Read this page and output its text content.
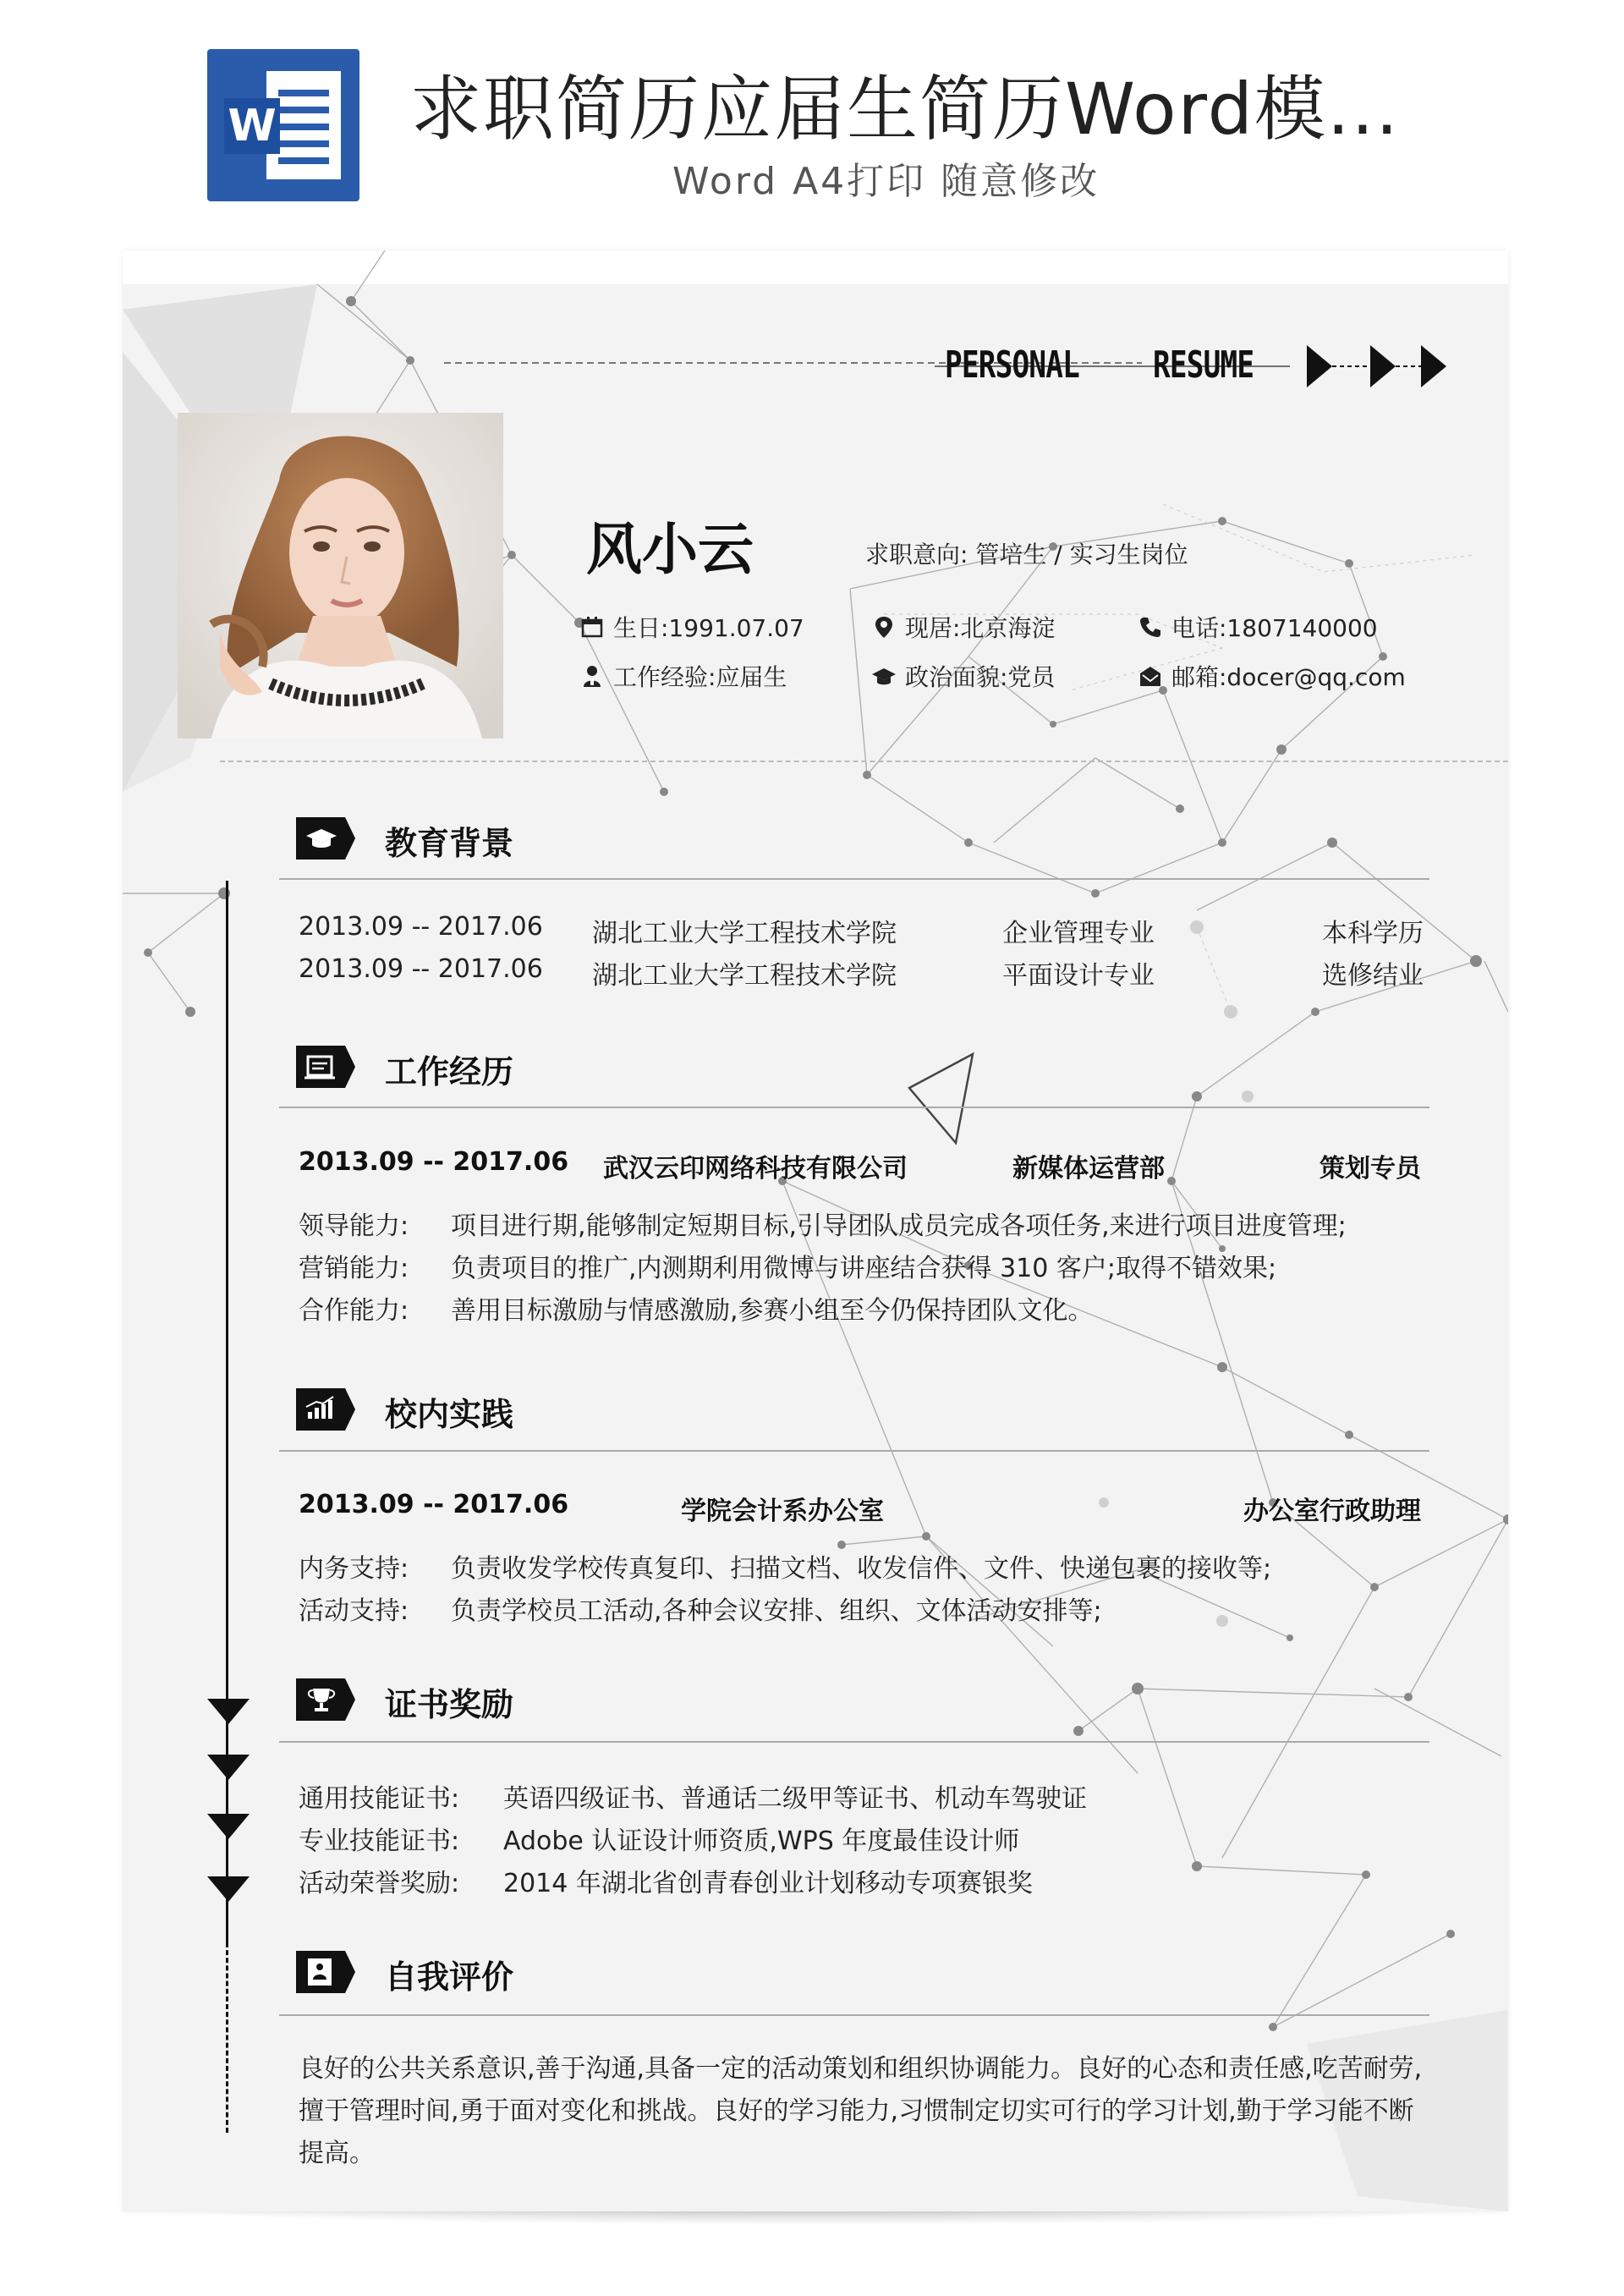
W 求职简历应届生简历Word模...
Word A4打印 随意修改
PERSONAL RESUME
风小云	求职意向: 管培生 / 实习生岗位
生日:1991.07.07
工作经验:应届生
现居:北京海淀
政治面貌:党员
电话:1807140000
邮箱:docer@qq.com
教育背景
2013.09 -- 2017.06 湖北工业大学工程技术学院	企业管理专业	本科学历
2013.09 -- 2017.06 湖北工业大学工程技术学院	平面设计专业	选修结业
工作经历
2013.09 -- 2017.06 武汉云印网络科技有限公司	新媒体运营部	策划专员
领导能力: 项目进行期,能够制定短期目标,引导团队成员完成各项任务,来进行项目进度管理;
营销能力: 负责项目的推广,内测期利用微博与讲座结合获得 310 客户;取得不错效果;
合作能力: 善用目标激励与情感激励,参赛小组至今仍保持团队文化。
校内实践
2013.09 -- 2017.06	学院会计系办公室	办公室行政助理
内务支持: 负责收发学校传真复印、扫描文档、收发信件、文件、快递包裹的接收等;
活动支持: 负责学校员工活动,各种会议安排、组织、文体活动安排等;
证书奖励
通用技能证书: 英语四级证书、普通话二级甲等证书、机动车驾驶证
专业技能证书: Adobe 认证设计师资质,WPS 年度最佳设计师
活动荣誉奖励: 2014 年湖北省创青春创业计划移动专项赛银奖
自我评价
良好的公共关系意识,善于沟通,具备一定的活动策划和组织协调能力。良好的心态和责任感,吃苦耐劳,擅于管理时间,勇于面对变化和挑战。良好的学习能力,习惯制定切实可行的学习计划,勤于学习能不断提高。
